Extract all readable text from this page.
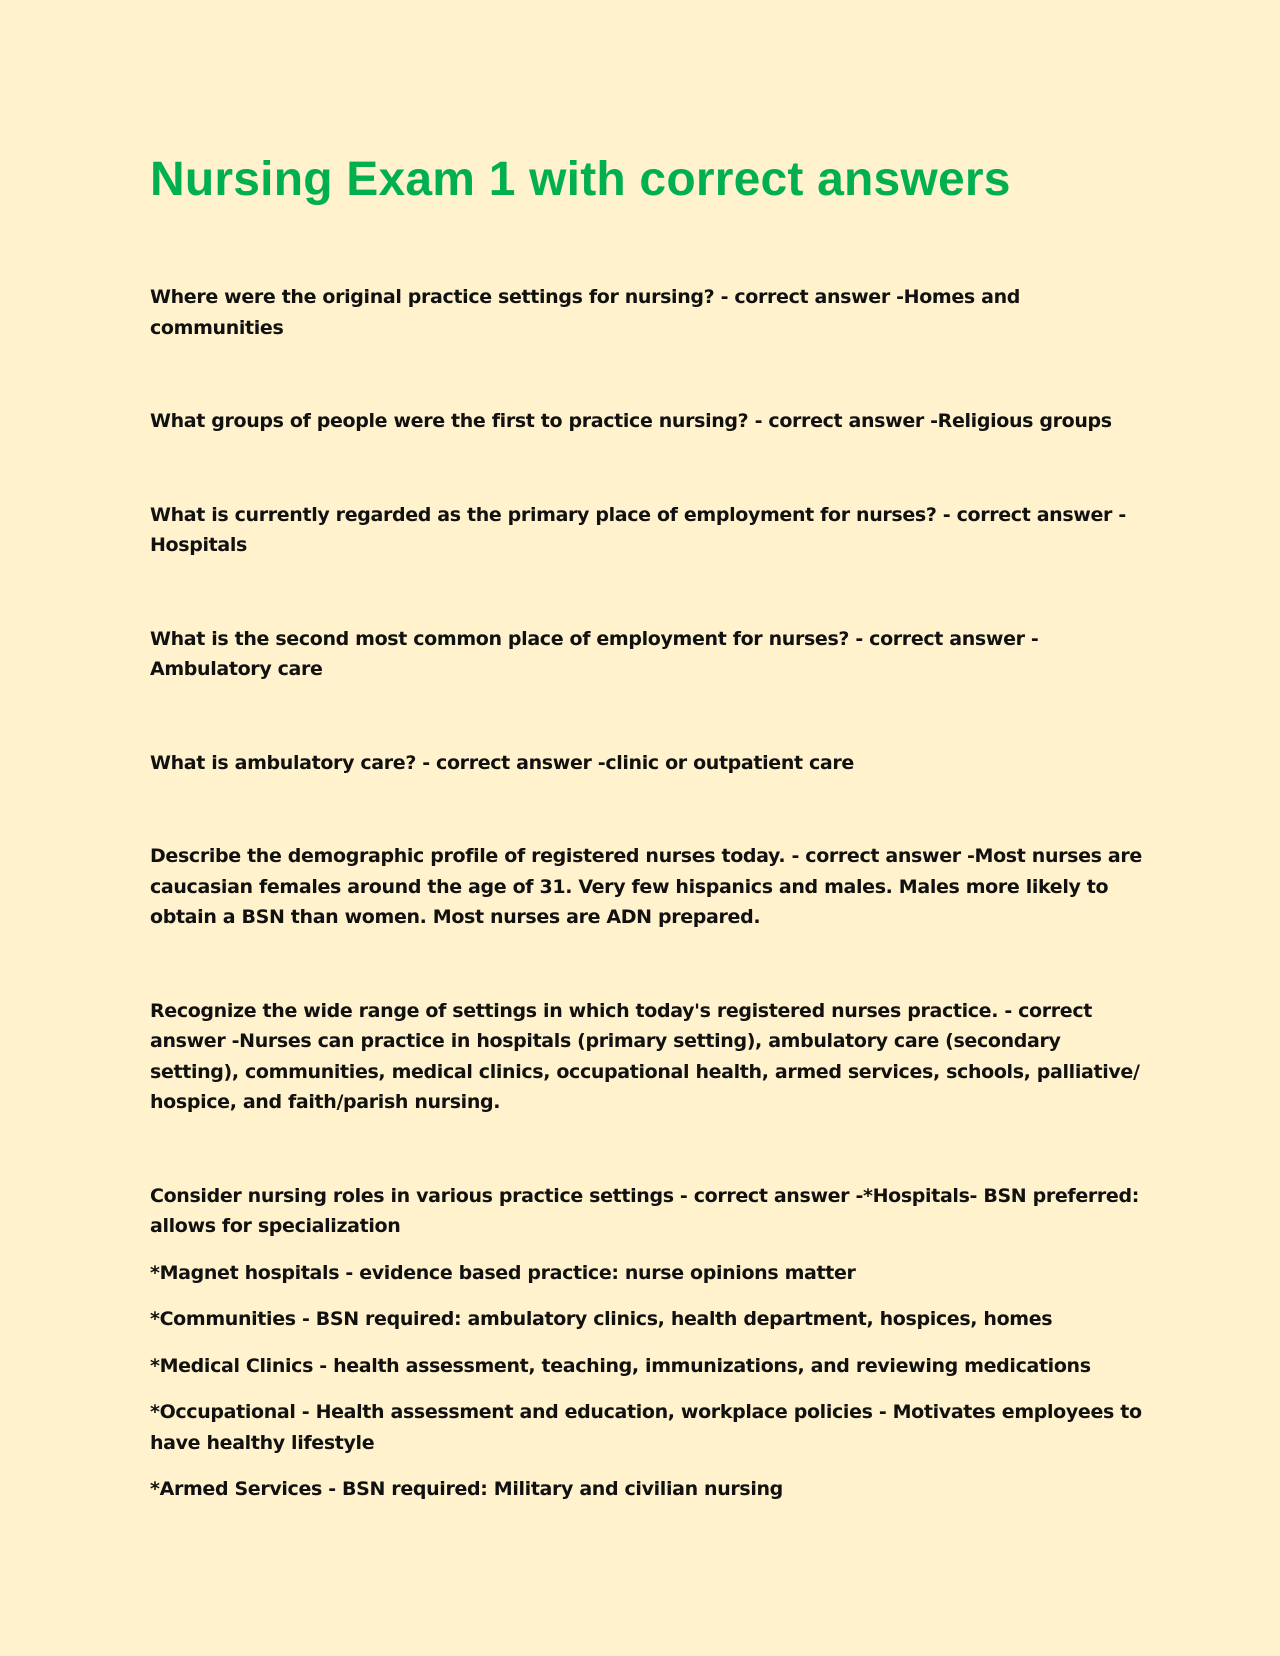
Nursing Exam 1 with correct answers

Where were the original practice settings for nursing? - correct answer -Homes and communities

What groups of people were the first to practice nursing? - correct answer -Religious groups

What is currently regarded as the primary place of employment for nurses? - correct answer -Hospitals

What is the second most common place of employment for nurses? - correct answer -Ambulatory care

What is ambulatory care? - correct answer -clinic or outpatient care

Describe the demographic profile of registered nurses today. - correct answer -Most nurses are caucasian females around the age of 31. Very few hispanics and males. Males more likely to obtain a BSN than women. Most nurses are ADN prepared.

Recognize the wide range of settings in which today's registered nurses practice. - correct answer -Nurses can practice in hospitals (primary setting), ambulatory care (secondary setting), communities, medical clinics, occupational health, armed services, schools, palliative/ hospice, and faith/parish nursing.

Consider nursing roles in various practice settings - correct answer -*Hospitals- BSN preferred: allows for specialization

*Magnet hospitals - evidence based practice: nurse opinions matter

*Communities - BSN required: ambulatory clinics, health department, hospices, homes

*Medical Clinics - health assessment, teaching, immunizations, and reviewing medications

*Occupational - Health assessment and education, workplace policies - Motivates employees to have healthy lifestyle

*Armed Services - BSN required: Military and civilian nursing
